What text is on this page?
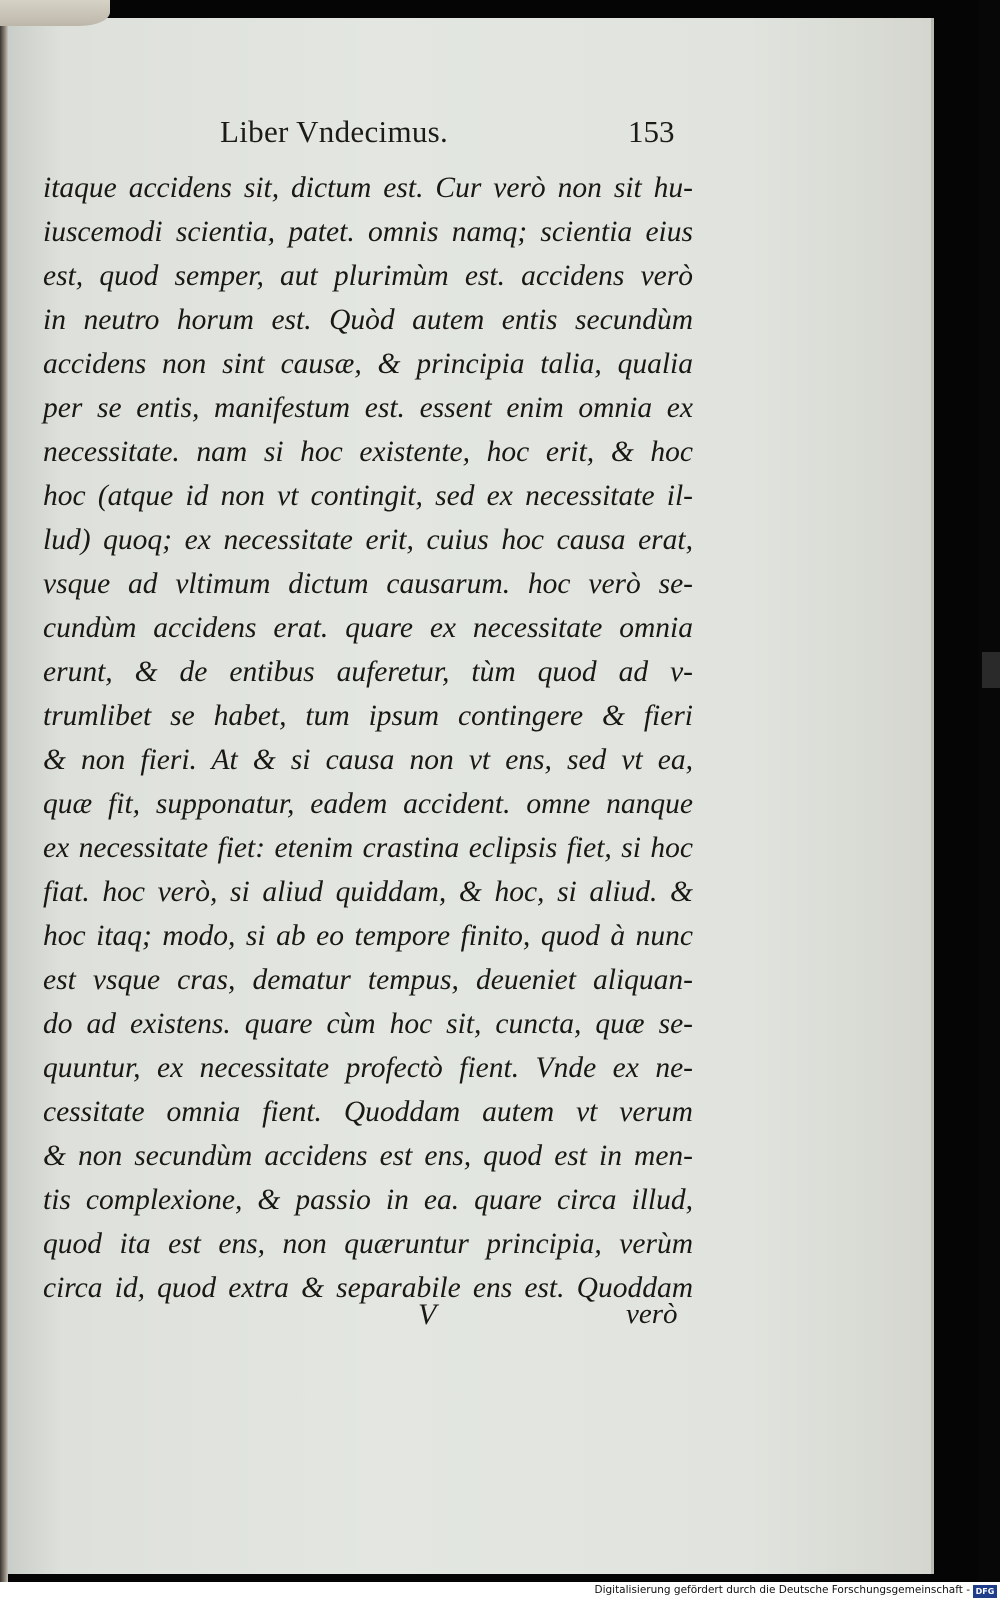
Liber Vndecimus.	153
itaque accidens sit, dictum est. Cur verò non sit hu-
iuscemodi scientia, patet. omnis namq; scientia eius
est, quod semper, aut plurimùm est. accidens verò
in neutro horum est. Quòd autem entis secundùm
accidens non sint causæ, & principia talia, qualia
per se entis, manifestum est. essent enim omnia ex
necessitate. nam si hoc existente, hoc erit, & hoc
hoc (atque id non vt contingit, sed ex necessitate il-
lud) quoq; ex necessitate erit, cuius hoc causa erat,
vsque ad vltimum dictum causarum. hoc verò se-
cundùm accidens erat. quare ex necessitate omnia
erunt, & de entibus auferetur, tùm quod ad v-
trumlibet se habet, tum ipsum contingere & fieri
& non fieri. At & si causa non vt ens, sed vt ea,
quæ fit, supponatur, eadem accident. omne nanque
ex necessitate fiet: etenim crastina eclipsis fiet, si hoc
fiat. hoc verò, si aliud quiddam, & hoc, si aliud. &
hoc itaq; modo, si ab eo tempore finito, quod à nunc
est vsque cras, dematur tempus, deueniet aliquan-
do ad existens. quare cùm hoc sit, cuncta, quæ se-
quuntur, ex necessitate profectò fient. Vnde ex ne-
cessitate omnia fient. Quoddam autem vt verum
& non secundùm accidens est ens, quod est in men-
tis complexione, & passio in ea. quare circa illud,
quod ita est ens, non quæruntur principia, verùm
circa id, quod extra & separabile ens est. Quoddam
V	verò
Digitalisierung gefördert durch die Deutsche Forschungsgemeinschaft - DFG
